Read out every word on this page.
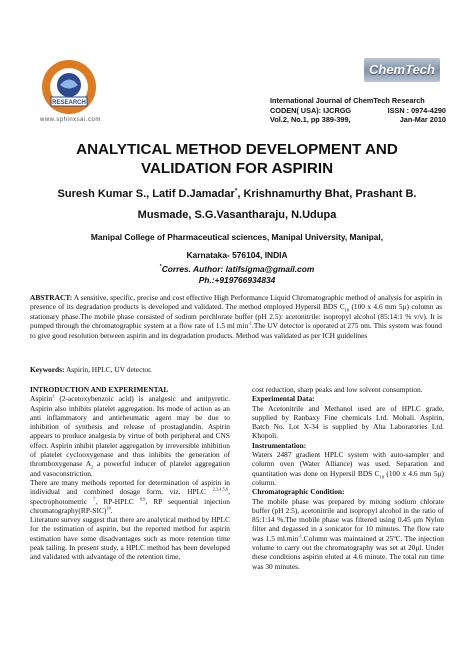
RESEARCH
www.sphinxsai.com
ChemTech
International Journal of ChemTech Research
CODEN( USA): IJCRGG	ISSN : 0974-4290
Vol.2, No.1, pp 389-399,	Jan-Mar 2010
ANALYTICAL METHOD DEVELOPMENT AND VALIDATION FOR ASPIRIN
Suresh Kumar S., Latif D.Jamadar*, Krishnamurthy Bhat, Prashant B.
Musmade, S.G.Vasantharaju, N.Udupa
Manipal College of Pharmaceutical sciences, Manipal University, Manipal,
Karnataka- 576104, INDIA
*Corres. Author: latifsigma@gmail.com
Ph.:+919766934834
ABSTRACT: A sensitive, specific, precise and cost effective High Performance Liquid Chromatographic method of analysis for aspirin in presence of its degradation products is developed and validated. The method employed Hypersil BDS $C_{18}$ (100 x 4.6 mm 5μ) column as stationary phase.The mobile phase consisted of sodium perchlorate buffer (pH 2.5): acetonitrile: isopropyl alcohol (85:14:1 % v/v). It is pumped through the chromatographic system at a flow rate of 1.5 ml $\min^{-1}.The$ UV detector is operated at 275 nm. This system was found to give good resolution between aspirin and its degradation products. Method was validated as per ICH guidelines
Keywords: Aspirin, HPLC, UV detector.

INTRODUCTION AND EXPERIMENTAL

Aspirin$^1$ (2-acetoxybenzoic acid) is analgesic and antipyretic. Aspirin also inhibits platelet aggregation. Its mode of action as an anti inflammatory and antirheumatic agent may be due to inhibition of synthesis and release of prostaglandin. Aspirin appears to produce analgesia by virtue of both peripheral and CNS effect. Aspirin inhibit platelet aggregation by irreversible inhibition of platelet cyclooxygenase and thus inhibits the generation of thromboxygenase $A_2$ a powerful inducer of platelet aggregation and vasoconstriction.

There are many methods reported for determination of aspirin in individual and combined dosage form, viz. HPLC $^{2,3,4,5,6}$, spectrophotometric $^7$, RP-HPLC $^{8,9}$, RP sequential injection $chromatography(RP-SIC)^{10}$.

Literature survey suggest that there are analytical method by HPLC for the estimation of aspirin, but the reported method for aspirin estimation have some disadvantages such as more retention time peak tailing. In present study, a HPLC method has been developed and validated with advantage of the retention time,

cost reduction, sharp peaks and low solvent consumption.

Experimental Data:

The Acetonitrile and Methanol used are of HPLC grade, supplied by Ranbaxy Fine chemicals Ltd. Mohali. Aspirin, Batch No. Lot X-34 is supplied by Alta Laboratories Ltd. Khopoli.

Instrumentation:

Waters 2487 gradient HPLC system with auto-sampler and column oven (Water Alliance) was used. Separation and quantitation was done on Hypersil BDS $C_{18}$ (100 x 4.6 mm 5μ) column.

Chromatographic Condition:

The mobile phase was prepared by mixing sodium chlorate buffer (pH 2.5), acetonitrile and isopropyl alcohol in the ratio of 85:1:14 %.The mobile phase was filtered using 0.45 μm Nylon filter and degassed in a sonicator for 10 minutes. The flow rate was 1.5 $ml.\min^{-1}.Column$ was maintained at 25ºC. The injection volume to carry out the chromatography was set at 20μl. Under these conditions aspirin eluted at 4.6 minute. The total run time was 30 minutes.
